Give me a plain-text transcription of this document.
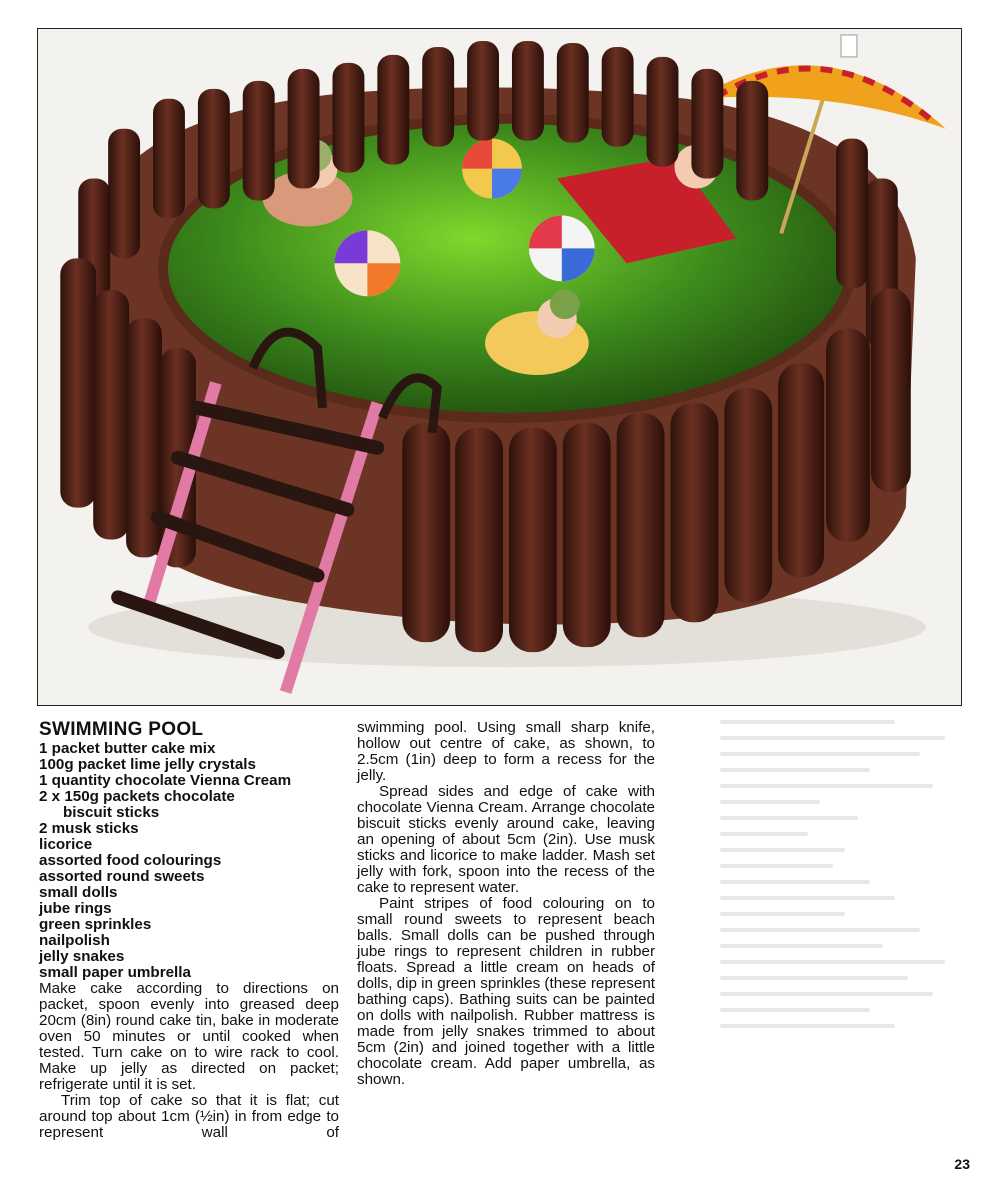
SWIMMING POOL
1 packet butter cake mix
100g packet lime jelly crystals
1 quantity chocolate Vienna Cream
2 x 150g packets chocolate
biscuit sticks
2 musk sticks
licorice
assorted food colourings
assorted round sweets
small dolls
jube rings
green sprinkles
nailpolish
jelly snakes
small paper umbrella

Make cake according to directions on packet, spoon evenly into greased deep 20cm (8in) round cake tin, bake in moderate oven 50 minutes or until cooked when tested. Turn cake on to wire rack to cool. Make up jelly as directed on packet; refrigerate until it is set.

Trim top of cake so that it is flat; cut around top about 1cm (½in) in from edge to represent wall of

swimming pool. Using small sharp knife, hollow out centre of cake, as shown, to 2.5cm (1in) deep to form a recess for the jelly.

Spread sides and edge of cake with chocolate Vienna Cream. Arrange chocolate biscuit sticks evenly around cake, leaving an opening of about 5cm (2in). Use musk sticks and licorice to make ladder. Mash set jelly with fork, spoon into the recess of the cake to represent water.

Paint stripes of food colouring on to small round sweets to represent beach balls. Small dolls can be pushed through jube rings to represent children in rubber floats. Spread a little cream on heads of dolls, dip in green sprinkles (these represent bathing caps). Bathing suits can be painted on dolls with nailpolish. Rubber mattress is made from jelly snakes trimmed to about 5cm (2in) and joined together with a little chocolate cream. Add paper umbrella, as shown.

23
